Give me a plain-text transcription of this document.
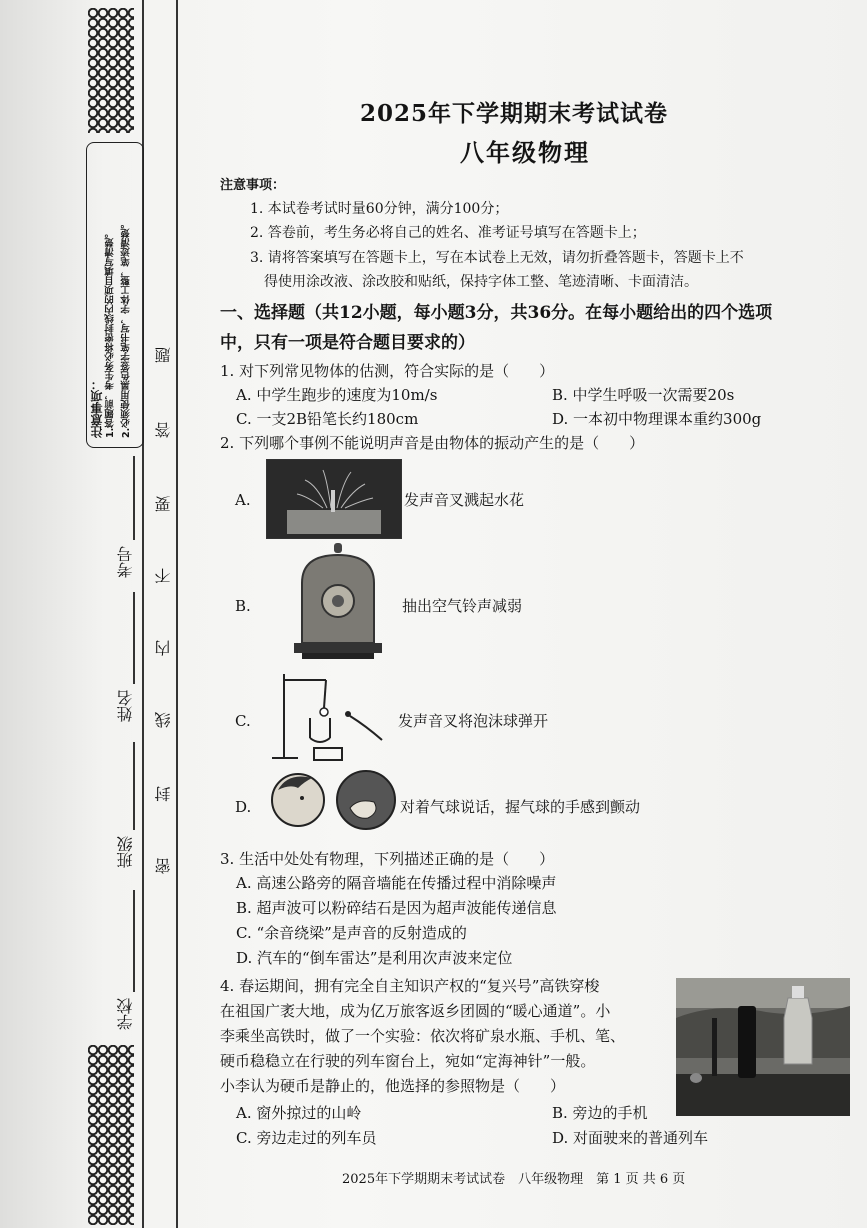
注意事项： 1.答题前，考生务必将密封线内的项目填写清楚。 2.必须使用黑色签字笔书写，字体工整，笔迹清楚。
考号
姓名
班级
学校
题
答
要
不
内
线
封
密
2025年下学期期末考试试卷
八年级物理
注意事项：
1. 本试卷考试时量60分钟，满分100分；
2. 答卷前，考生务必将自己的姓名、准考证号填写在答题卡上；
3. 请将答案填写在答题卡上，写在本试卷上无效，请勿折叠答题卡，答题卡上不
得使用涂改液、涂改胶和贴纸，保持字体工整、笔迹清晰、卡面清洁。
一、选择题（共12小题，每小题3分，共36分。在每小题给出的四个选项
中，只有一项是符合题目要求的）
1. 对下列常见物体的估测，符合实际的是（　　）
A. 中学生跑步的速度为10m/s	B. 中学生呼吸一次需要20s
C. 一支2B铅笔长约180cm	D. 一本初中物理课本重约300g
2. 下列哪个事例不能说明声音是由物体的振动产生的是（　　）
A.	发声音叉溅起水花
B.	抽出空气铃声减弱
C.	发声音叉将泡沫球弹开
D.	对着气球说话，握气球的手感到颤动
3. 生活中处处有物理，下列描述正确的是（　　）
A. 高速公路旁的隔音墙能在传播过程中消除噪声
B. 超声波可以粉碎结石是因为超声波能传递信息
C. “余音绕梁”是声音的反射造成的
D. 汽车的“倒车雷达”是利用次声波来定位
4. 春运期间，拥有完全自主知识产权的“复兴号”高铁穿梭
在祖国广袤大地，成为亿万旅客返乡团圆的“暖心通道”。小
李乘坐高铁时，做了一个实验：依次将矿泉水瓶、手机、笔、
硬币稳稳立在行驶的列车窗台上，宛如“定海神针”一般。
小李认为硬币是静止的，他选择的参照物是（　　）
A. 窗外掠过的山岭	B. 旁边的手机
C. 旁边走过的列车员	D. 对面驶来的普通列车
2025年下学期期末考试试卷　八年级物理　第 1 页 共 6 页
